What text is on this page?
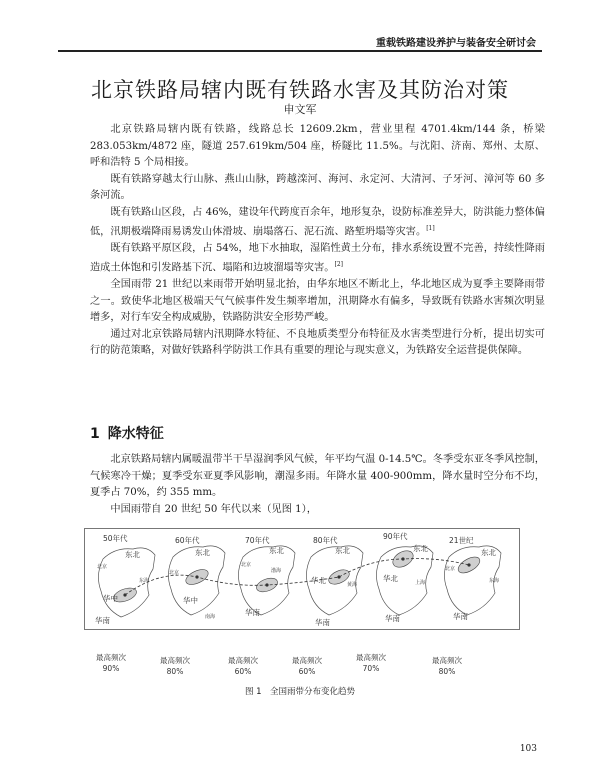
重载铁路建设养护与装备安全研讨会
北京铁路局辖内既有铁路水害及其防治对策
申文军

北京铁路局辖内既有铁路，线路总长 12609.2km，营业里程 4701.4km/144 条，桥梁 283.053km/4872 座，隧道 257.619km/504 座，桥隧比 11.5%。与沈阳、济南、郑州、太原、呼和浩特 5 个局相接。

既有铁路穿越太行山脉、燕山山脉，跨越滦河、海河、永定河、大清河、子牙河、漳河等 60 多条河流。

既有铁路山区段，占 46%，建设年代跨度百余年，地形复杂，设防标准差异大，防洪能力整体偏低，汛期极端降雨易诱发山体滑坡、崩塌落石、泥石流、路堑坍塌等灾害。[1]

既有铁路平原区段，占 54%，地下水抽取，湿陷性黄土分布，排水系统设置不完善，持续性降雨造成土体饱和引发路基下沉、塌陷和边坡溜塌等灾害。[2]

全国雨带 21 世纪以来雨带开始明显北抬，由华东地区不断北上，华北地区成为夏季主要降雨带之一。致使华北地区极端天气气候事件发生频率增加，汛期降水有偏多，导致既有铁路水害频次明显增多，对行车安全构成威胁，铁路防洪安全形势严峻。

通过对北京铁路局辖内汛期降水特征、不良地质类型分布特征及水害类型进行分析，提出切实可行的防范策略，对做好铁路科学防洪工作具有重要的理论与现实意义，为铁路安全运营提供保障。

1 降水特征

北京铁路局辖内属暖温带半干旱湿润季风气候，年平均气温 0-14.5℃。冬季受东亚冬季风控制，气候寒冷干燥；夏季受东亚夏季风影响，潮湿多雨。年降水量 400-900mm，降水量时空分布不均，夏季占 70%，约 355 mm。

中国雨带自 20 世纪 50 年代以来（见图 1），

50年代	60年代	70年代	80年代	90年代	21世纪
东北
北京
华中
华南
东海
东北
北京
华中
南海
东北
北京
华南
渤海
东北
华北
华南
黄海
东北
华北
华南
上海
东北
北京
华南
东海
最高频次
90%
最高频次
80%
最高频次
60%
最高频次
60%
最高频次
70%
最高频次
80%
图 1　全国雨带分布变化趋势
103
